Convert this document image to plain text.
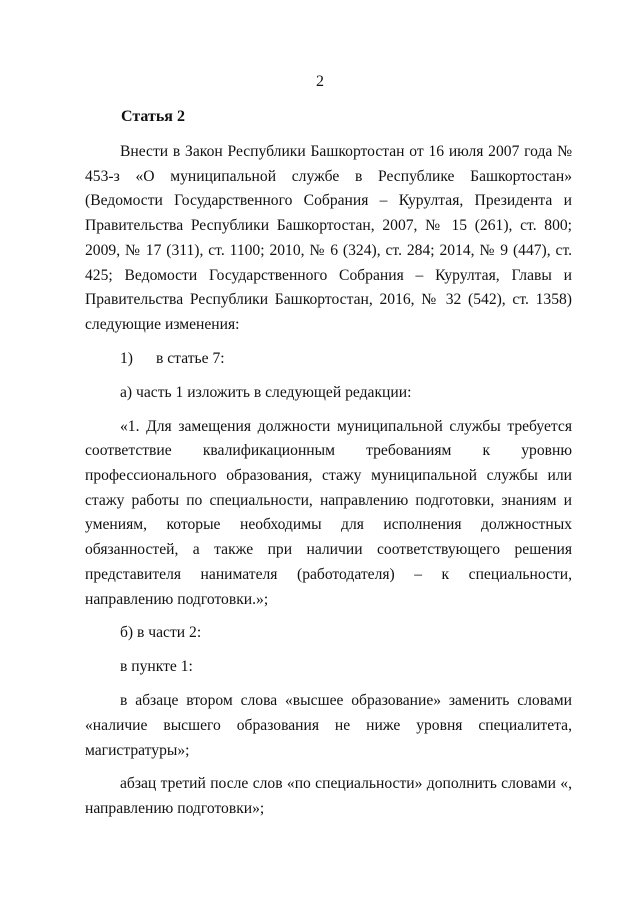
2
Статья 2

Внести в Закон Республики Башкортостан от 16 июля 2007 года № 453-з «О муниципальной службе в Республике Башкортостан» (Ведомости Государственного Собрания – Курултая, Президента и Правительства Республики Башкортостан, 2007, № 15 (261), ст. 800; 2009, № 17 (311), ст. 1100; 2010, № 6 (324), ст. 284; 2014, № 9 (447), ст. 425; Ведомости Государственного Собрания – Курултая, Главы и Правительства Республики Башкортостан, 2016, № 32 (542), ст. 1358) следующие изменения:

1) в статье 7:

а) часть 1 изложить в следующей редакции:

«1. Для замещения должности муниципальной службы требуется соответствие квалификационным требованиям к уровню профессионального образования, стажу муниципальной службы или стажу работы по специальности, направлению подготовки, знаниям и умениям, которые необходимы для исполнения должностных обязанностей, а также при наличии соответствующего решения представителя нанимателя (работодателя) – к специальности, направлению подготовки.»;

б) в части 2:

в пункте 1:

в абзаце втором слова «высшее образование» заменить словами «наличие высшего образования не ниже уровня специалитета, магистратуры»;

абзац третий после слов «по специальности» дополнить словами «, направлению подготовки»;
